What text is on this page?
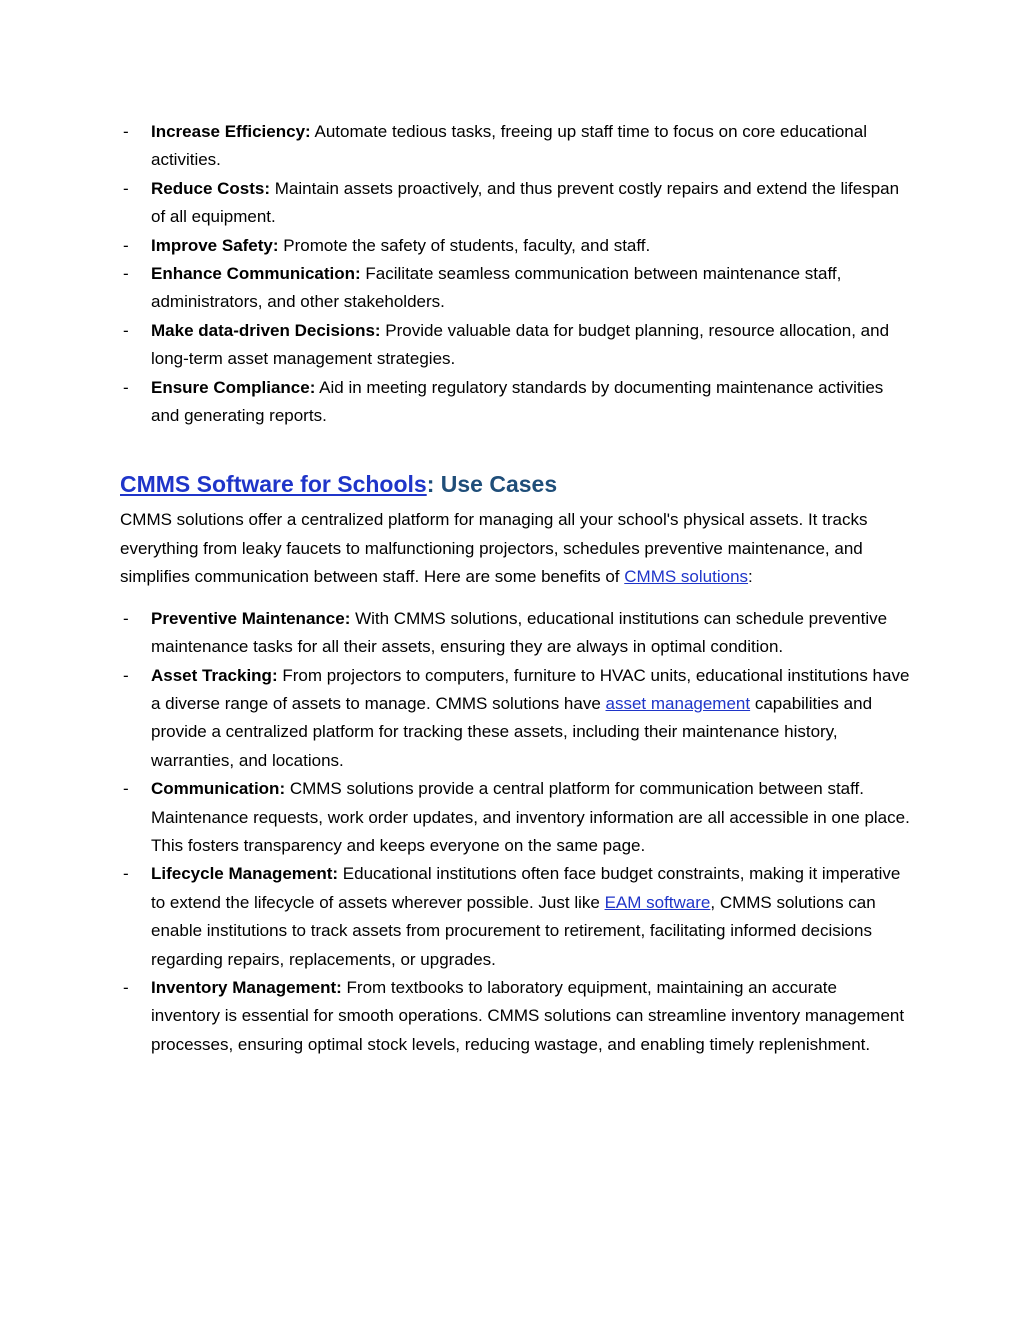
- Increase Efficiency: Automate tedious tasks, freeing up staff time to focus on core educational activities.
- Reduce Costs: Maintain assets proactively, and thus prevent costly repairs and extend the lifespan of all equipment.
- Improve Safety: Promote the safety of students, faculty, and staff.
- Enhance Communication: Facilitate seamless communication between maintenance staff, administrators, and other stakeholders.
- Make data-driven Decisions: Provide valuable data for budget planning, resource allocation, and long-term asset management strategies.
- Ensure Compliance: Aid in meeting regulatory standards by documenting maintenance activities and generating reports.
CMMS Software for Schools: Use Cases

CMMS solutions offer a centralized platform for managing all your school's physical assets. It tracks everything from leaky faucets to malfunctioning projectors, schedules preventive maintenance, and simplifies communication between staff. Here are some benefits of CMMS solutions:

- Preventive Maintenance: With CMMS solutions, educational institutions can schedule preventive maintenance tasks for all their assets, ensuring they are always in optimal condition.
- Asset Tracking: From projectors to computers, furniture to HVAC units, educational institutions have a diverse range of assets to manage. CMMS solutions have asset management capabilities and provide a centralized platform for tracking these assets, including their maintenance history, warranties, and locations.
- Communication: CMMS solutions provide a central platform for communication between staff. Maintenance requests, work order updates, and inventory information are all accessible in one place. This fosters transparency and keeps everyone on the same page.
- Lifecycle Management: Educational institutions often face budget constraints, making it imperative to extend the lifecycle of assets wherever possible. Just like EAM software, CMMS solutions can enable institutions to track assets from procurement to retirement, facilitating informed decisions regarding repairs, replacements, or upgrades.
- Inventory Management: From textbooks to laboratory equipment, maintaining an accurate inventory is essential for smooth operations. CMMS solutions can streamline inventory management processes, ensuring optimal stock levels, reducing wastage, and enabling timely replenishment.
